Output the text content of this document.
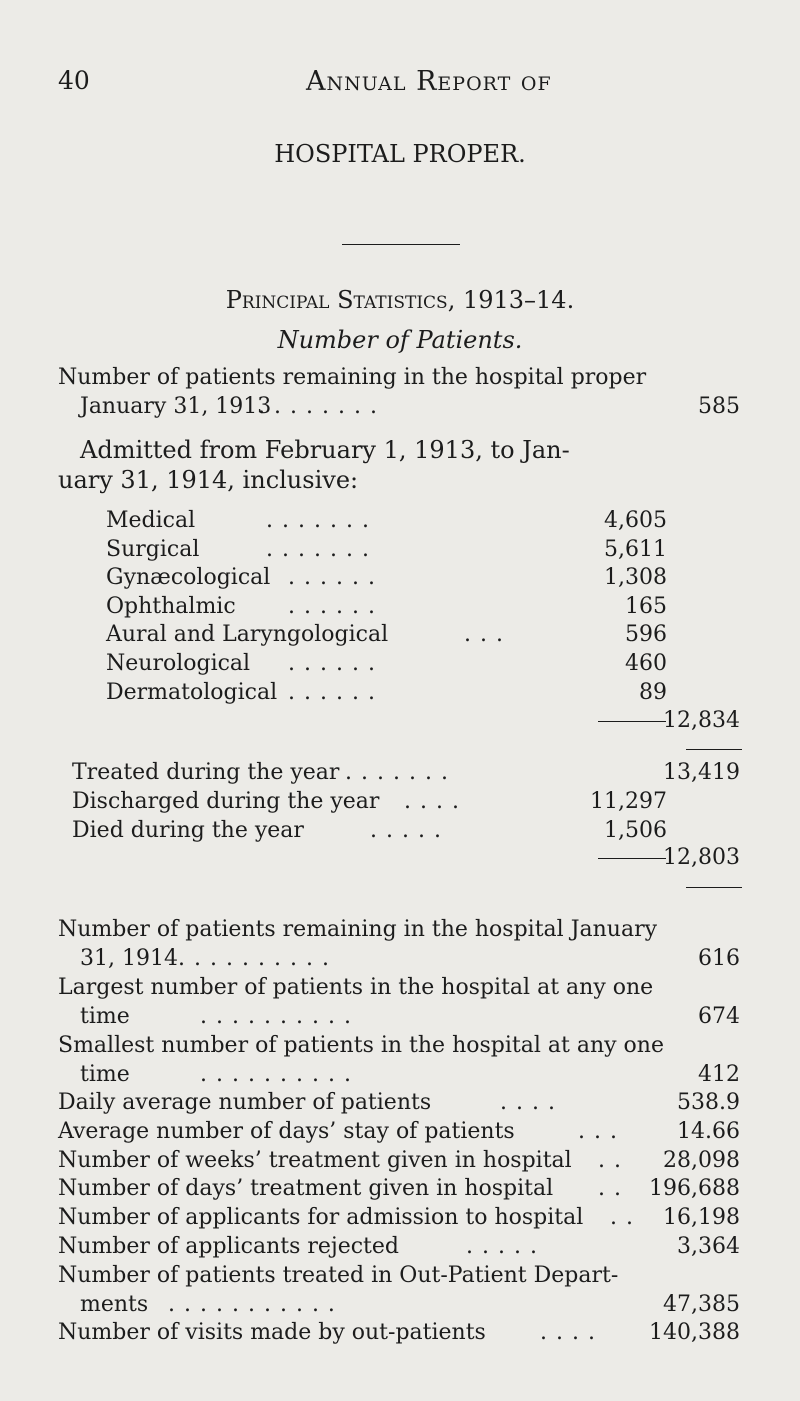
40	Annual Report of
HOSPITAL PROPER.
Principal Statistics, 1913–14.
Number of Patients.
Number of patients remaining in the hospital proper
January 31, 1913
........	585
Admitted from February 1, 1913, to Jan-
uary 31, 1914, inclusive:
Medical	.......	4,605
Surgical	.......	5,611
Gynæcological ......	1,308
Ophthalmic ......	165
Aural and Laryngological	...	596
Neurological ......	460
Dermatological ......	89
12,834
Treated during the year .......	13,419
Discharged during the year ....	11,297
Died during the year	.....	1,506
12,803
Number of patients remaining in the hospital January
31, 1914 ..........	616
Largest number of patients in the hospital at any one
time	..........	674
Smallest number of patients in the hospital at any one
time	..........	412
Daily average number of patients	....	538.9
Average number of days’ stay of patients	... 14.66
Number of weeks’ treatment given in hospital .. 28,098
Number of days’ treatment given in hospital .. 196,688
Number of applicants for admission to hospital .. 16,198
Number of applicants rejected	.....	3,364
Number of patients treated in Out-Patient Depart-
ments ...........	47,385
Number of visits made by out-patients .... 140,388
